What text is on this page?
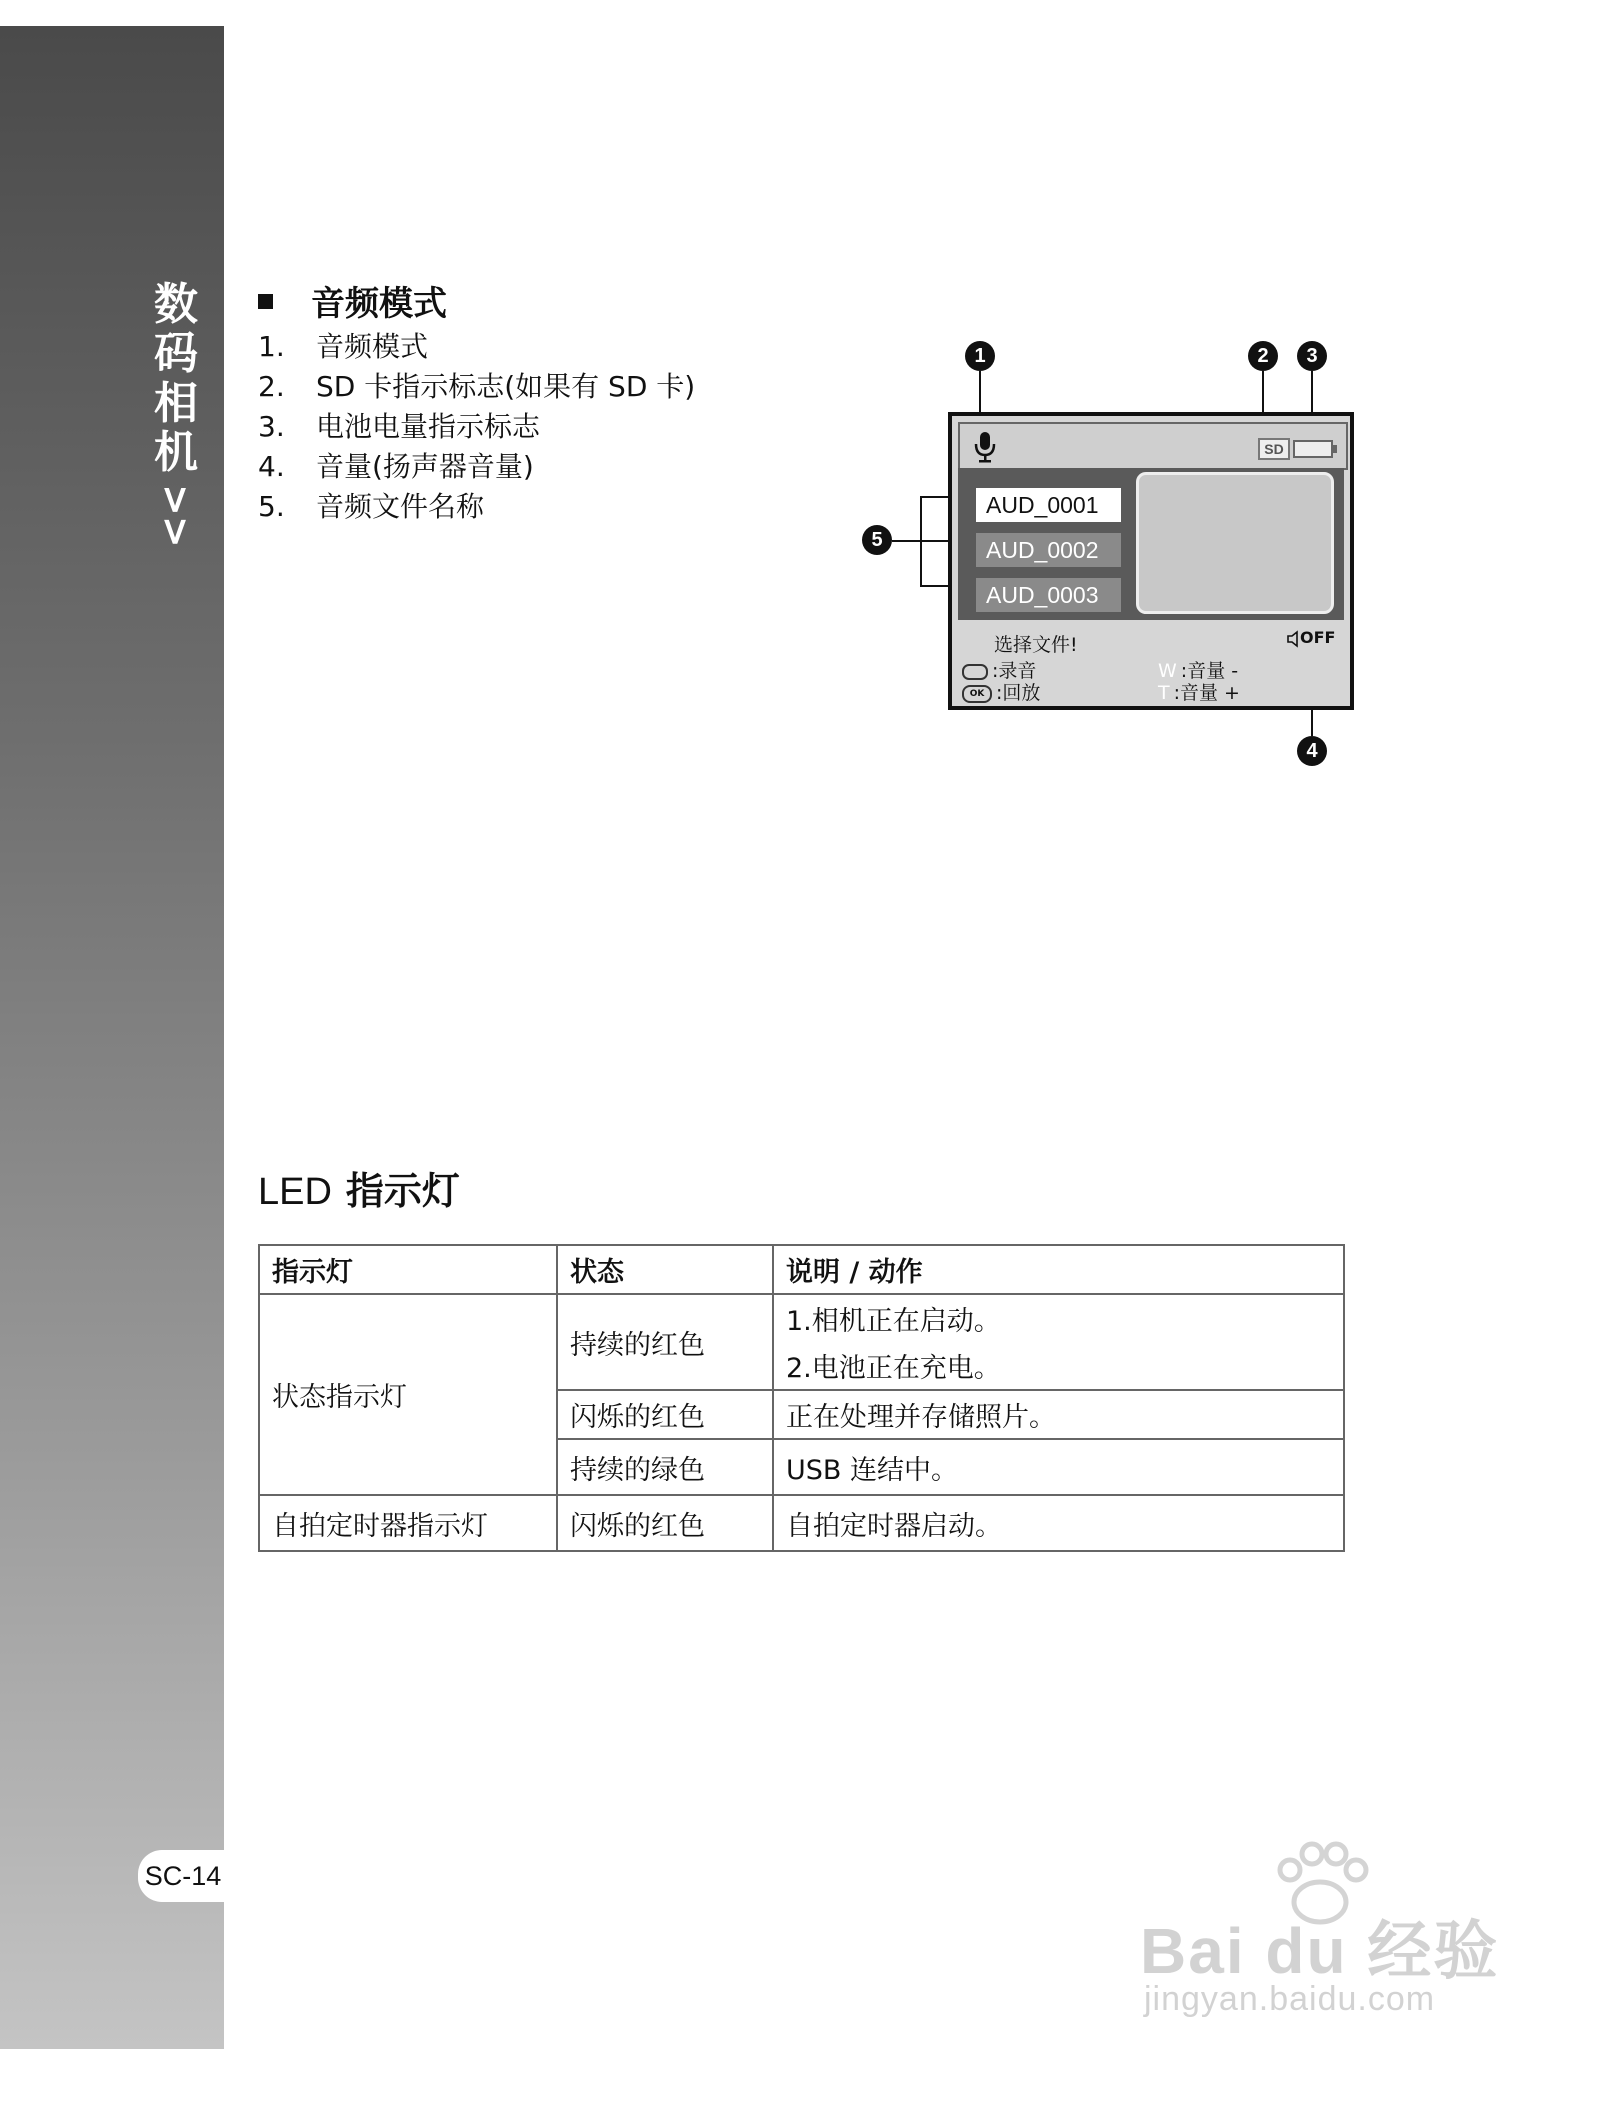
数
码
相
机
>>
SC-14
音频模式
1.	音频模式
2.	SD 卡指示标志(如果有 SD 卡)
3.	电池电量指示标志
4.	音量(扬声器音量)
5.	音频文件名称
1	2	3
4
5
SD
AUD_0001
AUD_0002
AUD_0003
选择文件!	OFF
:录音
OK :回放
W :音量 -
T :音量 +
LED 指示灯
指示灯	状态	说明 / 动作
状态指示灯	持续的红色	1.相机正在启动。
		2.电池正在充电。
	闪烁的红色	正在处理并存储照片。
	持续的绿色	USB 连结中。
自拍定时器指示灯	闪烁的红色	自拍定时器启动。
Bai du 经验
jingyan.baidu.com
